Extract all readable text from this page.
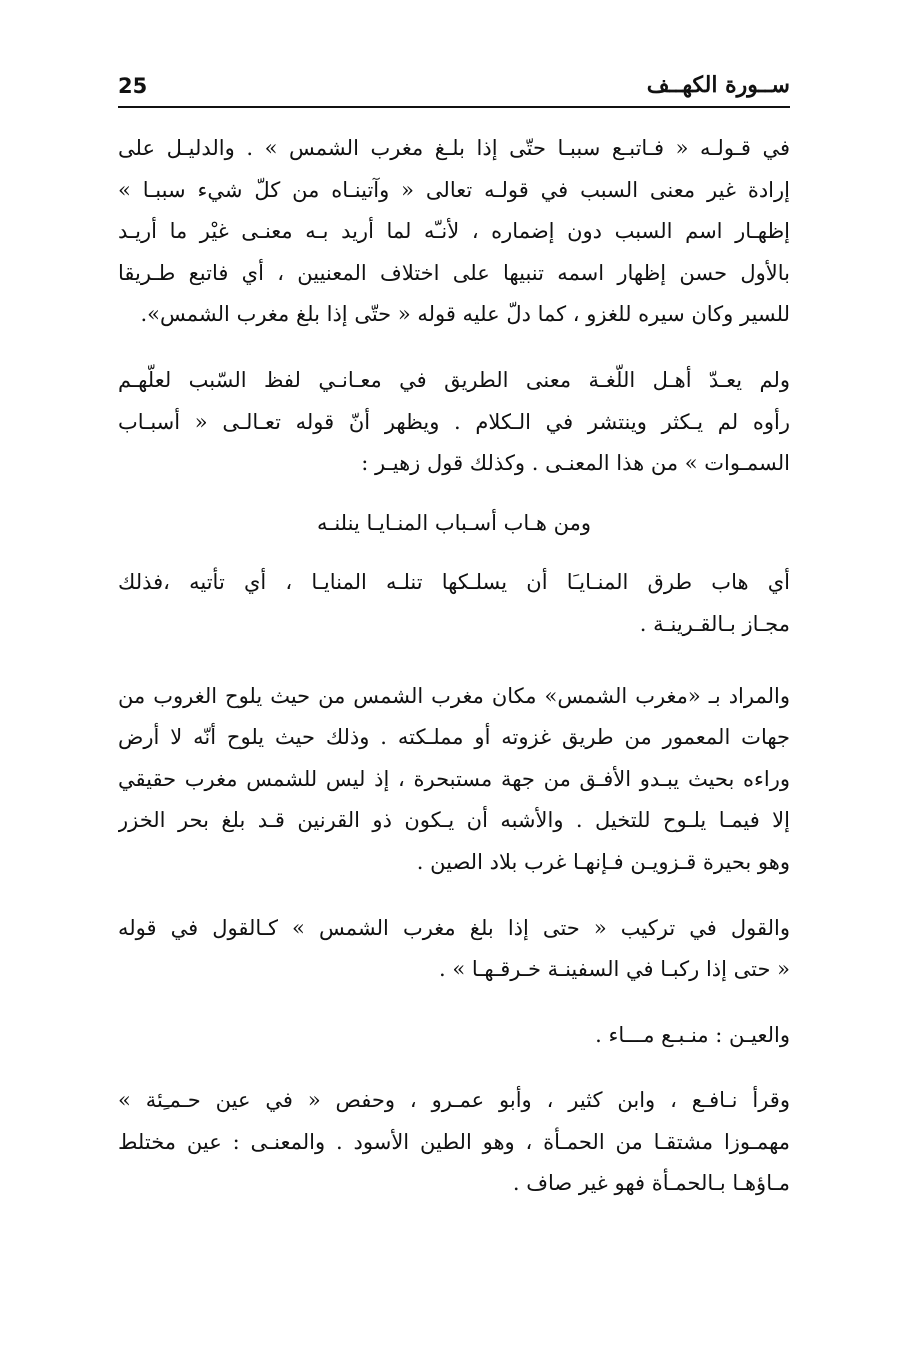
25	ســورة الكهــف
في قـولـه « فـاتبـع سببـا حتّى إذا بلـغ مغرب الشمس » . والدليـل على
إرادة غير معنى السبب في قولـه تعالى « وآتينـاه من كلّ شيء سببـا »
إظهـار اسم السبب دون إضماره ، لأنـّه لما أريد بـه معنـى غيْر ما أريـد
بالأول حسن إظهار اسمه تنبيها على اختلاف المعنيين ، أي فاتبع طـريقا
للسير وكان سيره للغزو ، كما دلّ عليه قوله « حتّى إذا بلغ مغرب الشمس».
ولم يعـدّ أهـل اللّغـة معنى الطريق في معـانـي لفظ السّبب لعلّهـم
رأوه لم يـكثر وينتشر في الـكلام . ويظهر أنّ قوله تعـالـى « أسبـاب
السمـوات » من هذا المعنـى . وكذلك قول زهيـر :
ومن هـاب أسـباب المنـايـا ينلنـه
أي هاب طرق المنـايـَا أن يسلـكها تنلـه المنايـا ، أي تأتيه ،فذلك
مجـاز بـالقـرينـة .
والمراد بـ «مغرب الشمس» مكان مغرب الشمس من حيث يلوح الغروب من
جهات المعمور من طريق غزوته أو مملـكته . وذلك حيث يلوح أنّه لا أرض
وراءه بحيث يبـدو الأفـق من جهة مستبحرة ، إذ ليس للشمس مغرب حقيقي
إلا فيمـا يلـوح للتخيل . والأشبه أن يـكون ذو القرنين قـد بلغ بحر الخزر
وهو بحيرة قـزويـن فـإنهـا غرب بلاد الصين .
والقول في تركيب « حتى إذا بلغ مغرب الشمس » كـالقول في قوله
« حتى إذا ركبـا في السفينـة خـرقـهـا » .
والعيـن : منـبـع مـــاء .
وقرأ نـافـع ، وابن كثير ، وأبو عمـرو ، وحفص « في عين حـمـِئة »
مهمـوزا مشتقـا من الحمـأة ، وهو الطين الأسود . والمعنـى : عين مختلط
مـاؤهـا بـالحمـأة فهو غير صاف .
